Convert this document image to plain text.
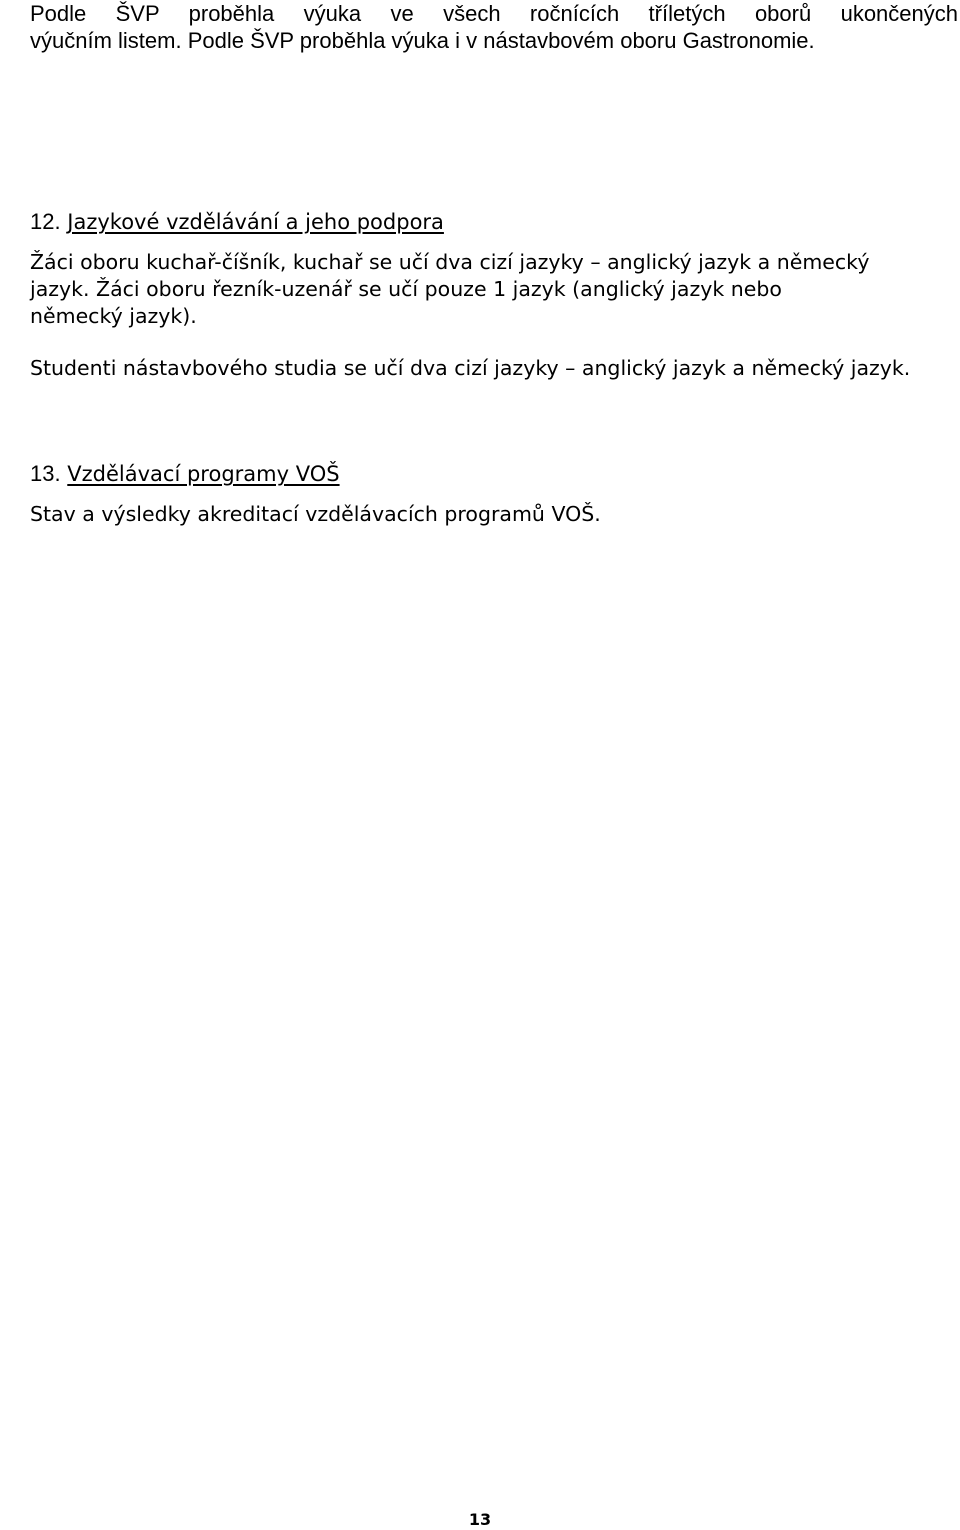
Podle ŠVP proběhla výuka ve všech ročnících tříletých oborů ukončených
výučním listem. Podle ŠVP proběhla výuka i v nástavbovém oboru Gastronomie.
12. Jazykové vzdělávání a jeho podpora

Žáci oboru kuchař-číšník, kuchař se učí dva cizí jazyky – anglický jazyk a německý jazyk. Žáci oboru řezník-uzenář se učí pouze 1 jazyk (anglický jazyk nebo německý jazyk).

Studenti nástavbového studia se učí dva cizí jazyky – anglický jazyk a německý jazyk.

13. Vzdělávací programy VOŠ

Stav a výsledky akreditací vzdělávacích programů VOŠ.

13
